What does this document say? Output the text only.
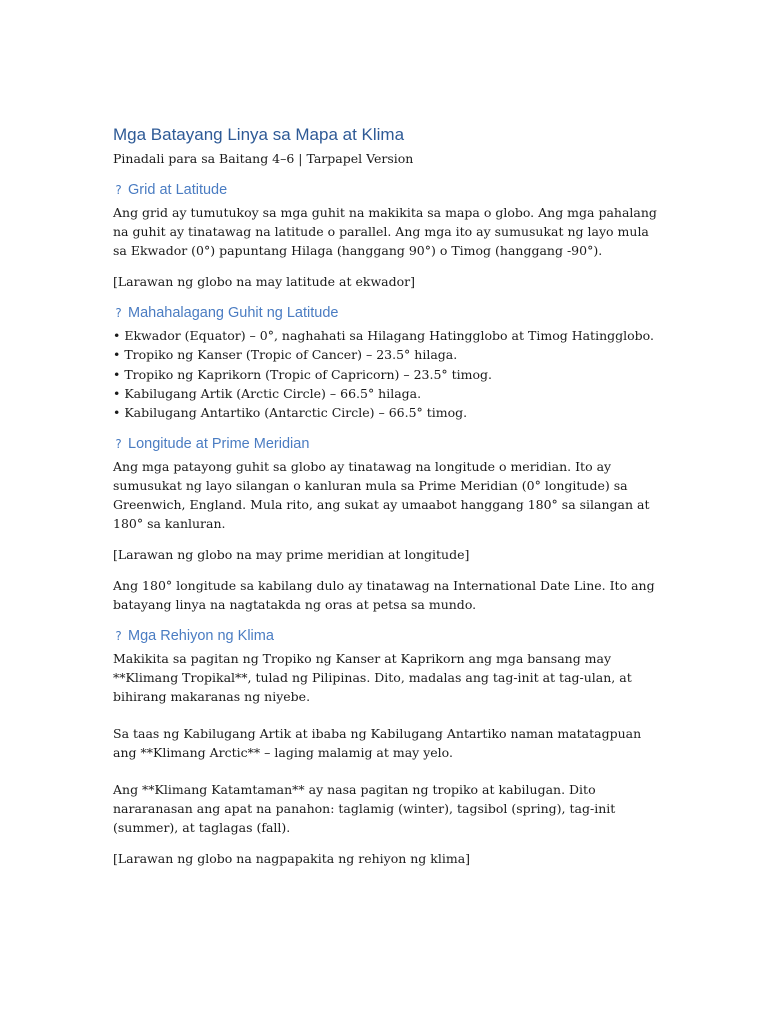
Mga Batayang Linya sa Mapa at Klima

Pinadali para sa Baitang 4–6 | Tarpapel Version

? Grid at Latitude

Ang grid ay tumutukoy sa mga guhit na makikita sa mapa o globo. Ang mga pahalang na guhit ay tinatawag na latitude o parallel. Ang mga ito ay sumusukat ng layo mula sa Ekwador (0°) papuntang Hilaga (hanggang 90°) o Timog (hanggang -90°).

[Larawan ng globo na may latitude at ekwador]

? Mahahalagang Guhit ng Latitude
• Ekwador (Equator) – 0°, naghahati sa Hilagang Hatingglobo at Timog Hatingglobo.
• Tropiko ng Kanser (Tropic of Cancer) – 23.5° hilaga.
• Tropiko ng Kaprikorn (Tropic of Capricorn) – 23.5° timog.
• Kabilugang Artik (Arctic Circle) – 66.5° hilaga.
• Kabilugang Antartiko (Antarctic Circle) – 66.5° timog.
? Longitude at Prime Meridian

Ang mga patayong guhit sa globo ay tinatawag na longitude o meridian. Ito ay sumusukat ng layo silangan o kanluran mula sa Prime Meridian (0° longitude) sa Greenwich, England. Mula rito, ang sukat ay umaabot hanggang 180° sa silangan at 180° sa kanluran.

[Larawan ng globo na may prime meridian at longitude]

Ang 180° longitude sa kabilang dulo ay tinatawag na International Date Line. Ito ang batayang linya na nagtatakda ng oras at petsa sa mundo.

? Mga Rehiyon ng Klima

Makikita sa pagitan ng Tropiko ng Kanser at Kaprikorn ang mga bansang may **Klimang Tropikal**, tulad ng Pilipinas. Dito, madalas ang tag-init at tag-ulan, at bihirang makaranas ng niyebe.

Sa taas ng Kabilugang Artik at ibaba ng Kabilugang Antartiko naman matatagpuan ang **Klimang Arctic** – laging malamig at may yelo.

Ang **Klimang Katamtaman** ay nasa pagitan ng tropiko at kabilugan. Dito nararanasan ang apat na panahon: taglamig (winter), tagsibol (spring), tag-init (summer), at taglagas (fall).

[Larawan ng globo na nagpapakita ng rehiyon ng klima]
